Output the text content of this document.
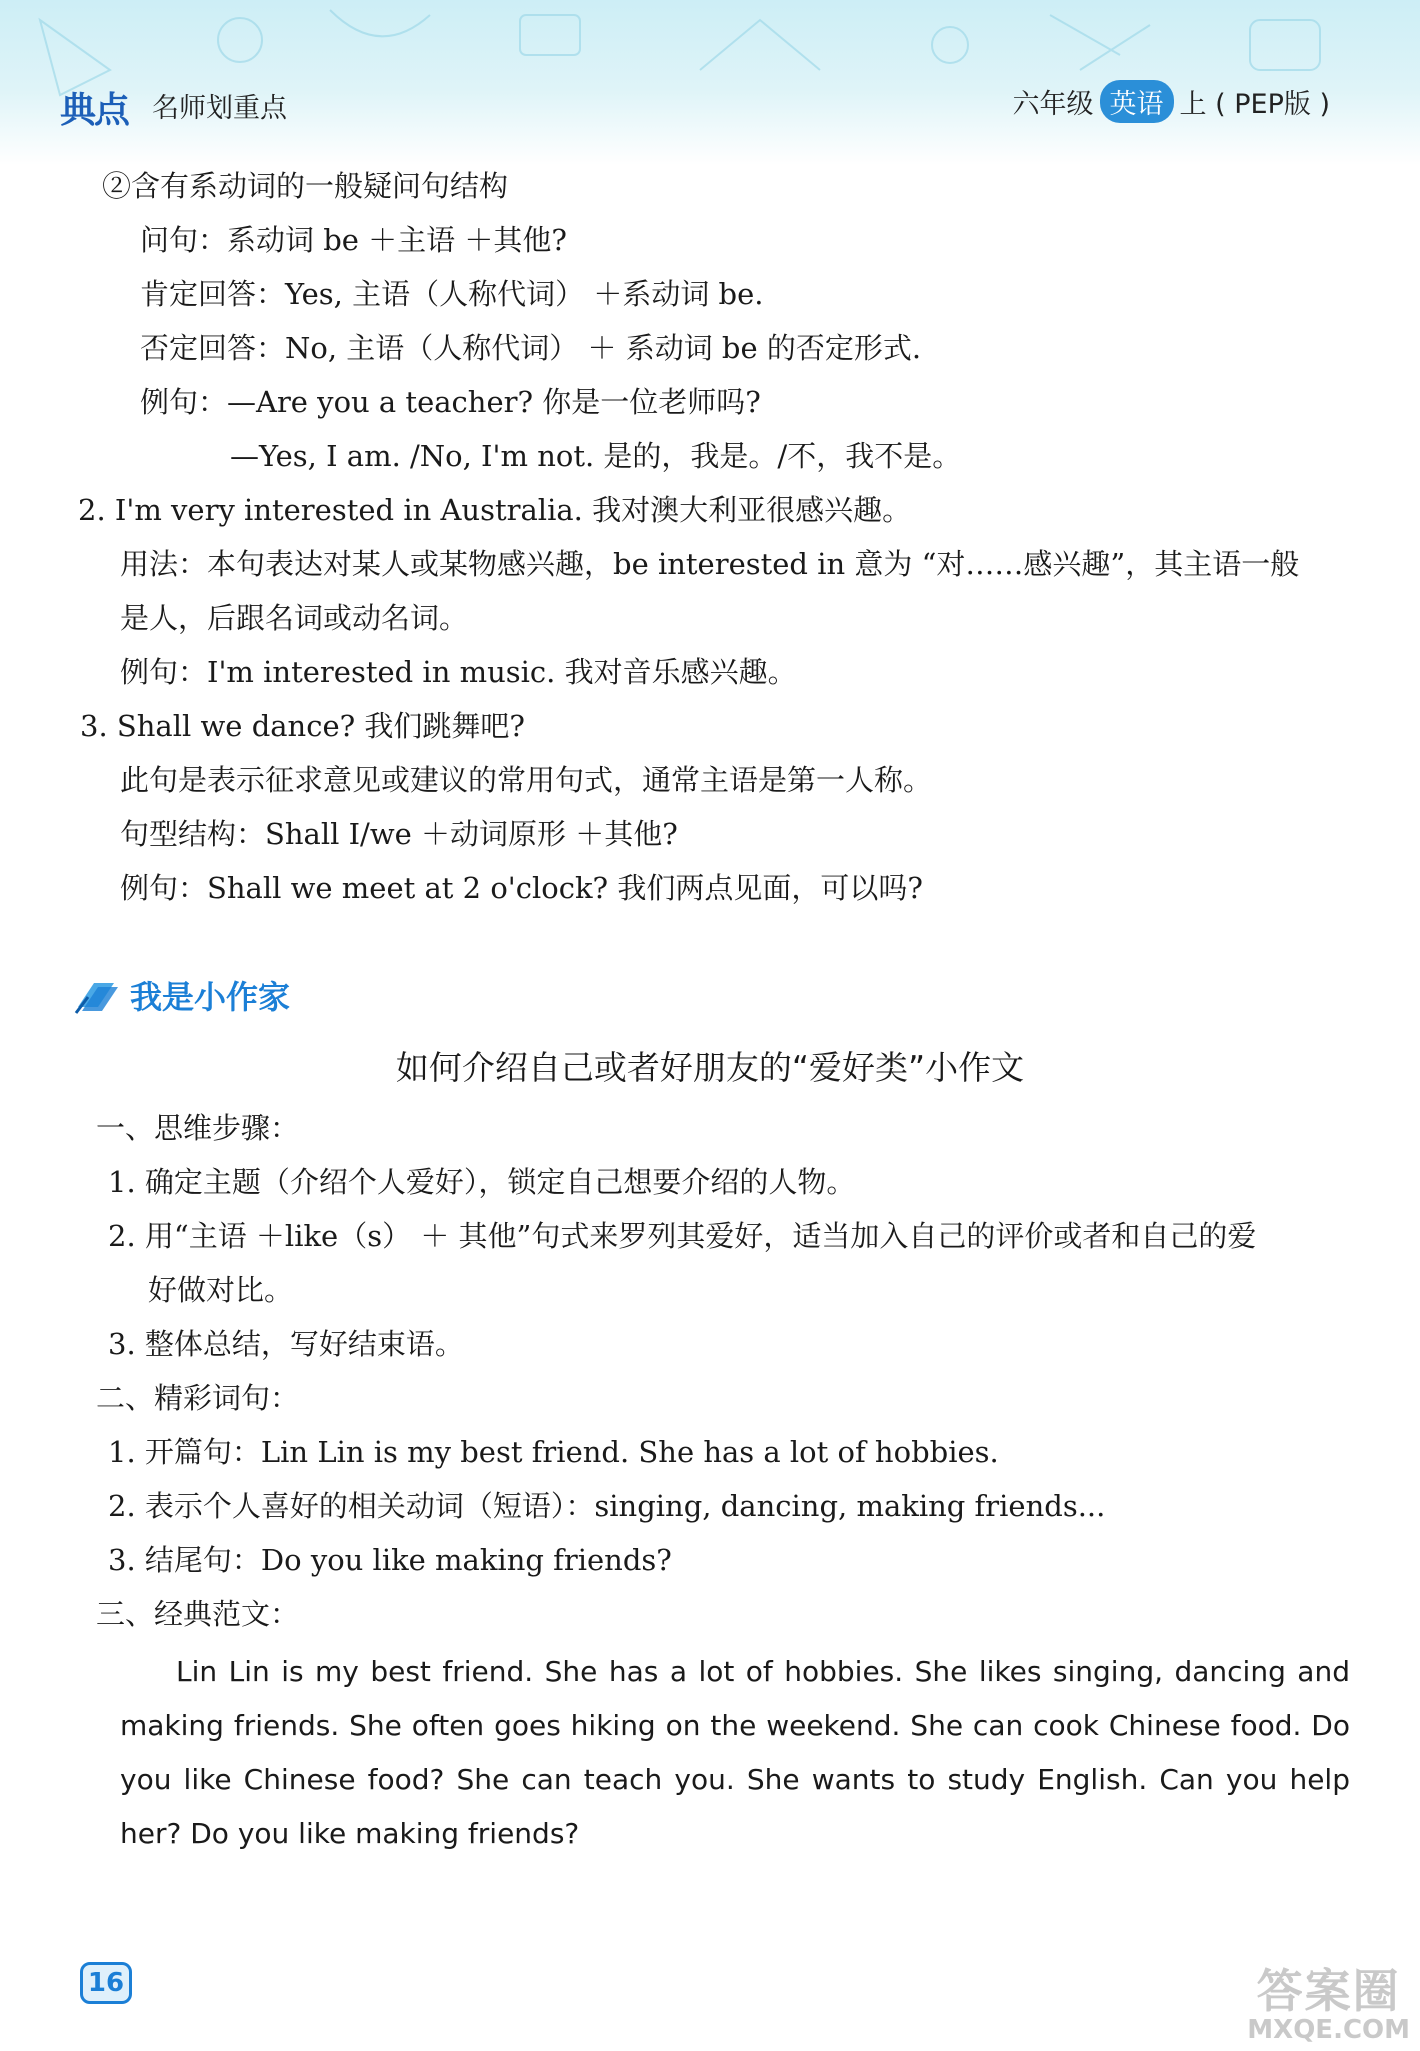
典点 名师划重点	六年级 英语 上 ( PEP版 )
②含有系动词的一般疑问句结构
问句：系动词 be ＋主语 ＋其他?
肯定回答：Yes, 主语（人称代词） ＋系动词 be.
否定回答：No, 主语（人称代词） ＋ 系动词 be 的否定形式.
例句：—Are you a teacher? 你是一位老师吗?
—Yes, I am. /No, I'm not. 是的，我是。/不，我不是。
2. I'm very interested in Australia. 我对澳大利亚很感兴趣。
用法：本句表达对某人或某物感兴趣，be interested in 意为 “对……感兴趣”，其主语一般
是人，后跟名词或动名词。
例句：I'm interested in music. 我对音乐感兴趣。
3. Shall we dance? 我们跳舞吧?
此句是表示征求意见或建议的常用句式，通常主语是第一人称。
句型结构：Shall I/we ＋动词原形 ＋其他?
例句：Shall we meet at 2 o'clock? 我们两点见面，可以吗?
我是小作家
如何介绍自己或者好朋友的“爱好类”小作文
一、思维步骤：
1. 确定主题（介绍个人爱好），锁定自己想要介绍的人物。
2. 用“主语 ＋like（s） ＋ 其他”句式来罗列其爱好，适当加入自己的评价或者和自己的爱
好做对比。
3. 整体总结，写好结束语。
二、精彩词句：
1. 开篇句：Lin Lin is my best friend. She has a lot of hobbies.
2. 表示个人喜好的相关动词（短语）：singing, dancing, making friends...
3. 结尾句：Do you like making friends?
三、经典范文：
Lin Lin is my best friend. She has a lot of hobbies. She likes singing, dancing and making friends. She often goes hiking on the weekend. She can cook Chinese food. Do you like Chinese food? She can teach you. She wants to study English. Can you help her? Do you like making friends?
16	答案圈
MXQE.COM
